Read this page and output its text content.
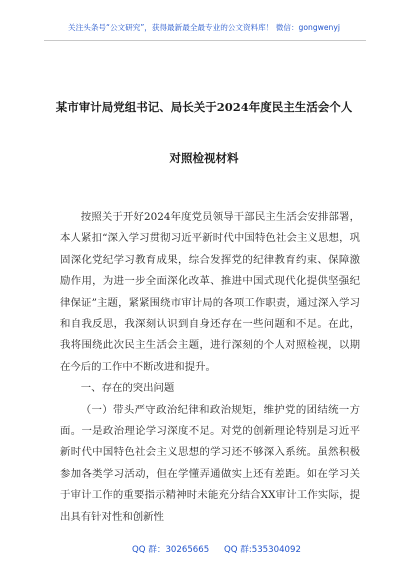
关注头条号“公文研究”，获得最新最全最专业的公文资料库！ 微信：gongwenyj
某市审计局党组书记、局长关于2024年度民主生活会个人
对照检视材料

按照关于开好2024年度党员领导干部民主生活会安排部署，本人紧扣“深入学习贯彻习近平新时代中国特色社会主义思想，巩固深化党纪学习教育成果，综合发挥党的纪律教育约束、保障激励作用，为进一步全面深化改革、推进中国式现代化提供坚强纪律保证”主题，紧紧围绕市审计局的各项工作职责，通过深入学习和自我反思，我深刻认识到自身还存在一些问题和不足。在此，我将围绕此次民主生活会主题，进行深刻的个人对照检视，以期在今后的工作中不断改进和提升。

一、存在的突出问题

（一）带头严守政治纪律和政治规矩，维护党的团结统一方面。一是政治理论学习深度不足。对党的创新理论特别是习近平新时代中国特色社会主义思想的学习还不够深入系统。虽然积极参加各类学习活动，但在学懂弄通做实上还有差距。如在学习关于审计工作的重要指示精神时未能充分结合XX审计工作实际，提出具有针对性和创新性

QQ 群：30265665 QQ 群:535304092
